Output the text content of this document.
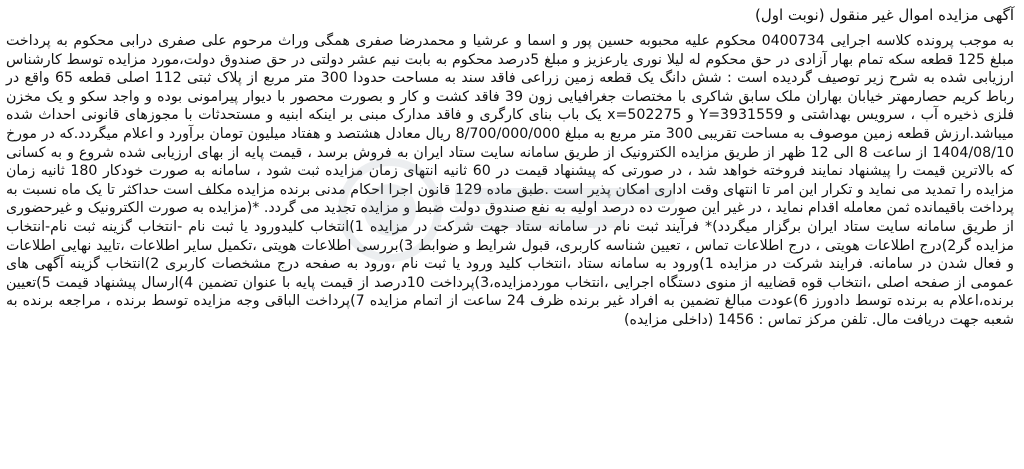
آگهی مزایده اموال غیر منقول (نوبت اول)

به موجب پرونده کلاسه اجرایی 0400734 محکوم علیه محبوبه حسین پور و اسما و عرشیا و محمدرضا صفری همگی وراث مرحوم علی صفری درابی محکوم به پرداخت مبلغ 125 قطعه سکه تمام بهار آزادی در حق محکوم له لیلا نوری یارعزیز و مبلغ 5درصد محکوم به بابت نیم عشر دولتی در حق صندوق دولت،مورد مزایده توسط کارشناس ارزیابی شده به شرح زیر توصیف گردیده است : شش دانگ یک قطعه زمین زراعی فاقد سند به مساحت حدودا 300 متر مربع از پلاک ثبتی 112 اصلی قطعه 65 واقع در رباط کریم حصارمهتر خیابان بهاران ملک سابق شاکری با مختصات جغرافیایی زون 39 فاقد کشت و کار و بصورت محصور با دیوار پیرامونی بوده و واجد سکو و یک مخزن فلزی ذخیره آب ، سرویس بهداشتی و Y=3931559 و x=502275 یک باب بنای کارگری و فاقد مدارک مبنی بر اینکه ابنیه و مستحدثات با مجوزهای قانونی احداث شده میباشد.ارزش قطعه زمین موصوف به مساحت تقریبی 300 متر مربع به مبلغ 8/700/000/000 ریال معادل هشتصد و هفتاد میلیون تومان برآورد و اعلام میگردد.که در مورخ 1404/08/10 از ساعت 8 الی 12 ظهر از طریق مزایده الکترونیک از طریق سامانه سایت ستاد ایران به فروش برسد ، قیمت پایه از بهای ارزیابی شده شروع و به کسانی که بالاترین قیمت را پیشنهاد نمایند فروخته خواهد شد ، در صورتی که پیشنهاد قیمت در 60 ثانیه انتهای زمان مزایده ثبت شود ، سامانه به صورت خودکار 180 ثانیه زمان مزایده را تمدید می نماید و تکرار این امر تا انتهای وقت اداری امکان پذیر است .طبق ماده 129 قانون اجرا احکام مدنی برنده مزایده مکلف است حداکثر تا یک ماه نسبت به پرداخت باقیمانده ثمن معامله اقدام نماید ، در غیر این صورت ده درصد اولیه به نفع صندوق دولت ضبط و مزایده تجدید می گردد. *(مزایده به صورت الکترونیک و غیرحضوری از طریق سامانه سایت ستاد ایران برگزار میگردد)* فرآیند ثبت نام در سامانه ستاد جهت شرکت در مزایده 1)انتخاب کلیدورود یا ثبت نام -انتخاب گزینه ثبت نام-انتخاب مزایده گر2)درج اطلاعات هویتی ، درج اطلاعات تماس ، تعیین شناسه کاربری، قبول شرایط و ضوابط 3)بررسی اطلاعات هویتی ،تکمیل سایر اطلاعات ،تایید نهایی اطلاعات و فعال شدن در سامانه. فرایند شرکت در مزایده 1)ورود به سامانه ستاد ،انتخاب کلید ورود یا ثبت نام ،ورود به صفحه درج مشخصات کاربری 2)انتخاب گزینه آگهی های عمومی از صفحه اصلی ،انتخاب قوه قضاییه از منوی دستگاه اجرایی ،انتخاب موردمزایده،3)پرداخت 10درصد از قیمت پایه با عنوان تضمین 4)ارسال پیشنهاد قیمت 5)تعیین برنده،اعلام به برنده توسط دادورز 6)عودت مبالغ تضمین به افراد غیر برنده ظرف 24 ساعت از اتمام مزایده 7)پرداخت الباقی وجه مزایده توسط برنده ، مراجعه برنده به شعبه جهت دریافت مال. تلفن مرکز تماس : 1456 (داخلی مزایده)
